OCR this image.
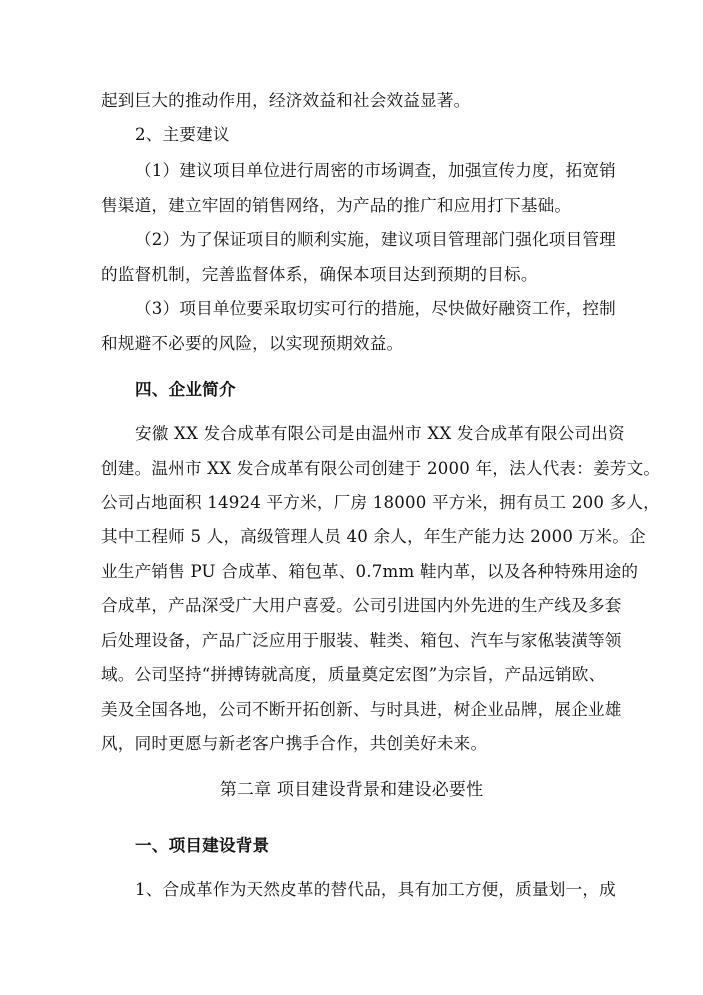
起到巨大的推动作用，经济效益和社会效益显著。
2、主要建议
（1）建议项目单位进行周密的市场调查，加强宣传力度，拓宽销
售渠道，建立牢固的销售网络，为产品的推广和应用打下基础。
（2）为了保证项目的顺利实施，建议项目管理部门强化项目管理
的监督机制，完善监督体系，确保本项目达到预期的目标。
（3）项目单位要采取切实可行的措施，尽快做好融资工作，控制
和规避不必要的风险，以实现预期效益。
四、企业简介
安徽 XX 发合成革有限公司是由温州市 XX 发合成革有限公司出资
创建。温州市 XX 发合成革有限公司创建于 2000 年，法人代表：姜芳文。
公司占地面积 14924 平方米，厂房 18000 平方米，拥有员工 200 多人，
其中工程师 5 人，高级管理人员 40 余人，年生产能力达 2000 万米。企
业生产销售 PU 合成革、箱包革、0.7mm 鞋内革，以及各种特殊用途的
合成革，产品深受广大用户喜爱。公司引进国内外先进的生产线及多套
后处理设备，产品广泛应用于服装、鞋类、箱包、汽车与家俬装潢等领
域。公司坚持“拼搏铸就高度，质量奠定宏图”为宗旨，产品远销欧、
美及全国各地，公司不断开拓创新、与时具进，树企业品牌，展企业雄
风，同时更愿与新老客户携手合作，共创美好未来。
第二章 项目建设背景和建设必要性
一、项目建设背景
1、合成革作为天然皮革的替代品，具有加工方便，质量划一，成
